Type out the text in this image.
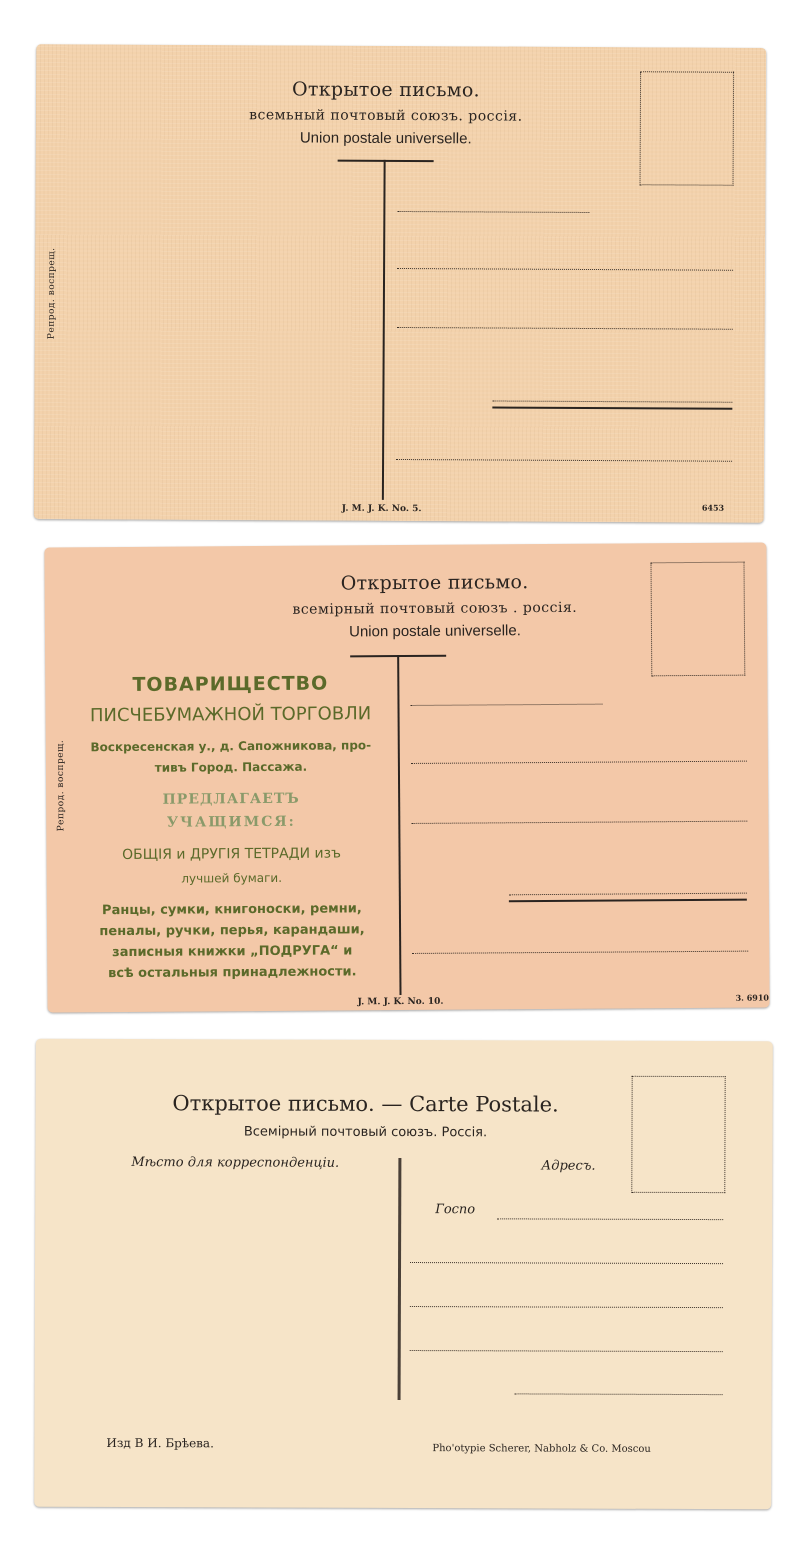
Открытое письмо.
всемьный почтовый союзъ. россія.
Union postale universelle.
Репрод. воспрещ.
J. M. J. K. No. 5.	6453
Открытое письмо.
всемірный почтовый союзъ . россія.
Union postale universelle.
Репрод. воспрещ.
ТОВАРИЩЕСТВО
ПИСЧЕБУМАЖНОЙ ТОРГОВЛИ
Воскресенская у., д. Сапожникова, про-
тивъ Город. Пассажа.
ПРЕДЛАГАЕТЪ
УЧАЩИМСЯ:
ОБЩІЯ и ДРУГІЯ ТЕТРАДИ изъ
лучшей бумаги.
Ранцы, сумки, книгоноски, ремни,
пеналы, ручки, перья, карандаши,
записныя книжки „ПОДРУГА“ и
всѣ остальныя принадлежности.
J. M. J. K. No. 10.	3. 6910
Открытое письмо. — Carte Postale.
Всемірный почтовый союзъ. Россія.
Мѣсто для корреспонденціи.	Адресъ.
Госпо
Изд В И. Брѣева.	Pho'otypie Scherer, Nabholz & Co. Moscou
